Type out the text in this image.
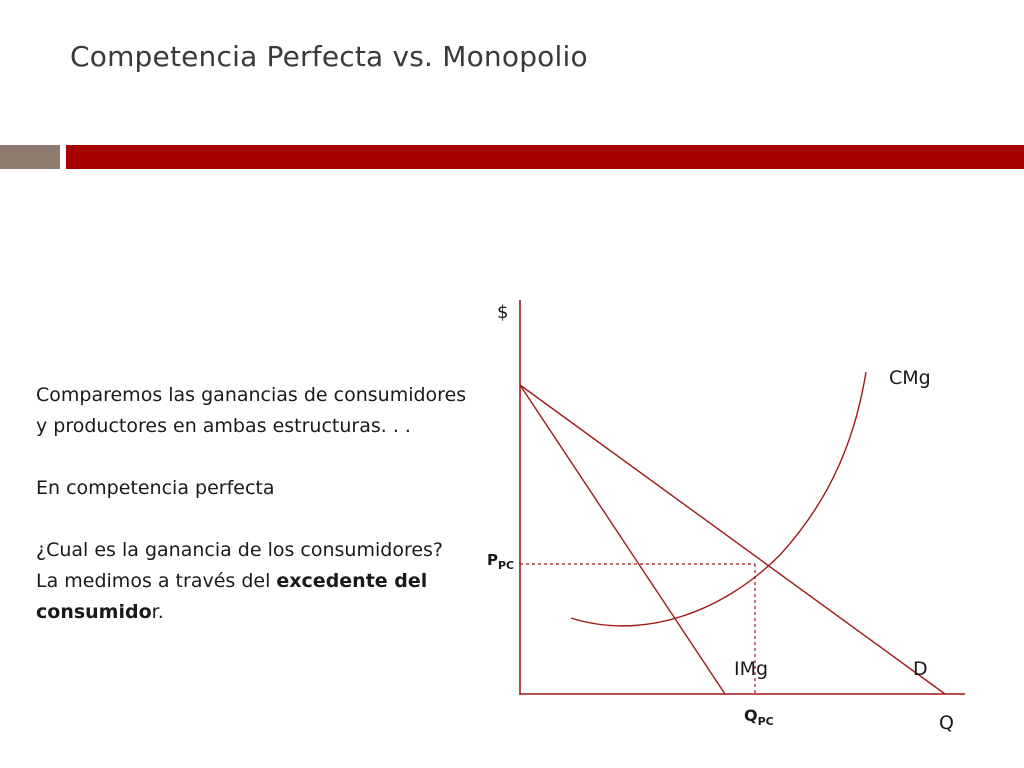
Competencia Perfecta vs. Monopolio

Comparemos las ganancias de consumidores y productores en ambas estructuras. . .

En competencia perfecta

¿Cual es la ganancia de los consumidores?
La medimos a través del excedente del consumidor.

$
Q
CMg
IMg	D
$P_{PC}$
$Q_{PC}$
